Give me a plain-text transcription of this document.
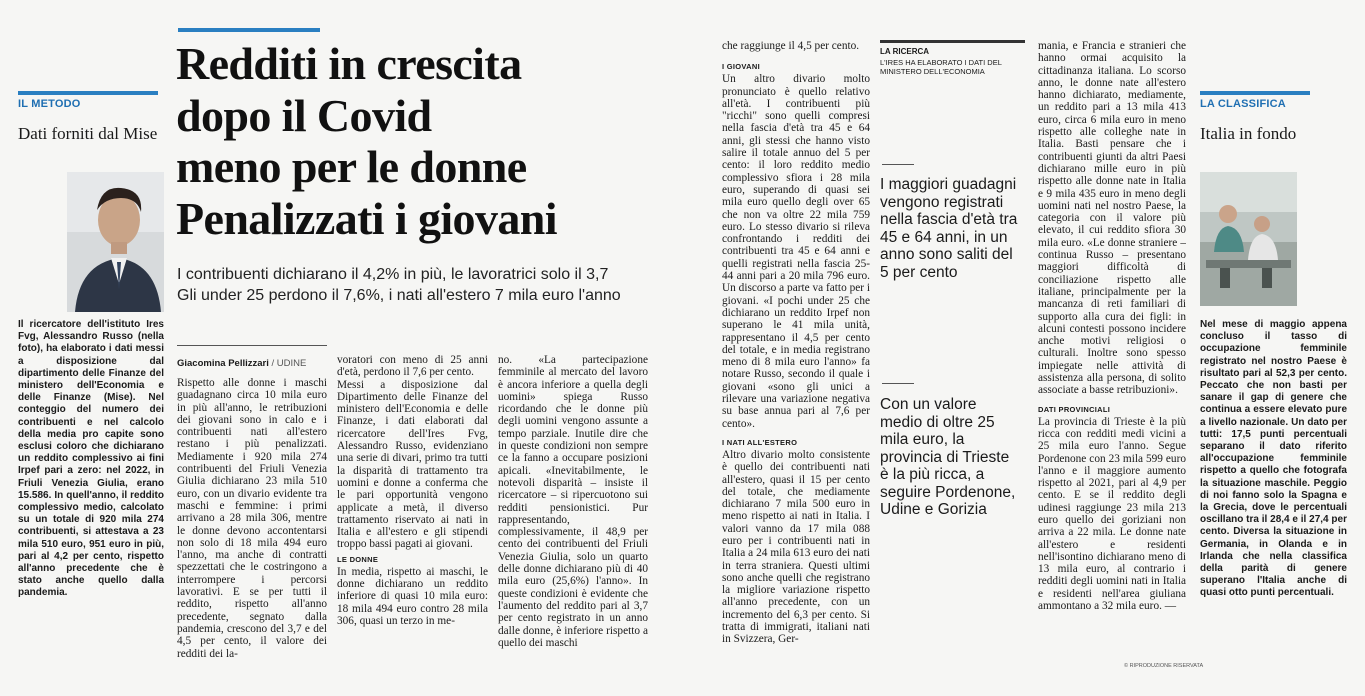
IL METODO
Dati forniti dal Mise
Il ricercatore dell'istituto Ires Fvg, Alessandro Russo (nella foto), ha elaborato i dati messi a disposizione dal dipartimento delle Finanze del ministero dell'Economia e delle Finanze (Mise). Nel conteggio del numero dei contribuenti e nel calcolo della media pro capite sono esclusi coloro che dichiarano un reddito complessivo ai fini Irpef pari a zero: nel 2022, in Friuli Venezia Giulia, erano 15.586. In quell'anno, il reddito complessivo medio, calcolato su un totale di 920 mila 274 contribuenti, si attestava a 23 mila 510 euro, 951 euro in più, pari al 4,2 per cento, rispetto all'anno precedente che è stato anche quello dalla pandemia.
Redditi in crescita
dopo il Covid
meno per le donne
Penalizzati i giovani
I contribuenti dichiarano il 4,2% in più, le lavoratrici solo il 3,7
Gli under 25 perdono il 7,6%, i nati all'estero 7 mila euro l'anno
Giacomina Pellizzari / UDINE
Rispetto alle donne i maschi guadagnano circa 10 mila euro in più all'anno, le retribuzioni dei giovani sono in calo e i contribuenti nati all'estero restano i più penalizzati. Mediamente i 920 mila 274 contribuenti del Friuli Venezia Giulia dichiarano 23 mila 510 euro, con un divario evidente tra maschi e femmine: i primi arrivano a 28 mila 306, mentre le donne devono accontentarsi non solo di 18 mila 494 euro l'anno, ma anche di contratti spezzettati che le costringono a interrompere i percorsi lavorativi. E se per tutti il reddito, rispetto all'anno precedente, segnato dalla pandemia, crescono del 3,7 e del 4,5 per cento, il valore dei redditi dei la-
voratori con meno di 25 anni d'età, perdono il 7,6 per cento.
Messi a disposizione dal Dipartimento delle Finanze del ministero dell'Economia e delle Finanze, i dati elaborati dal ricercatore dell'Ires Fvg, Alessandro Russo, evidenziano una serie di divari, primo tra tutti la disparità di trattamento tra uomini e donne a conferma che le pari opportunità vengono applicate a metà, il diverso trattamento riservato ai nati in Italia e all'estero e gli stipendi troppo bassi pagati ai giovani.
LE DONNE
In media, rispetto ai maschi, le donne dichiarano un reddito inferiore di quasi 10 mila euro: 18 mila 494 euro contro 28 mila 306, quasi un terzo in me-
no. «La partecipazione femminile al mercato del lavoro è ancora inferiore a quella degli uomini» spiega Russo ricordando che le donne più degli uomini vengono assunte a tempo parziale. Inutile dire che in queste condizioni non sempre ce la fanno a occupare posizioni apicali. «Inevitabilmente, le notevoli disparità – insiste il ricercatore – si ripercuotono sui redditi pensionistici. Pur rappresentando, complessivamente, il 48,9 per cento dei contribuenti del Friuli Venezia Giulia, solo un quarto delle donne dichiarano più di 40 mila euro (25,6%) l'anno». In queste condizioni è evidente che l'aumento del reddito pari al 3,7 per cento registrato in un anno dalle donne, è inferiore rispetto a quello dei maschi
che raggiunge il 4,5 per cento.
I GIOVANI
Un altro divario molto pronunciato è quello relativo all'età. I contribuenti più "ricchi" sono quelli compresi nella fascia d'età tra 45 e 64 anni, gli stessi che hanno visto salire il totale annuo del 5 per cento: il loro reddito medio complessivo sfiora i 28 mila euro, superando di quasi sei mila euro quello degli over 65 che non va oltre 22 mila 759 euro. Lo stesso divario si rileva confrontando i redditi dei contribuenti tra 45 e 64 anni e quelli registrati nella fascia 25-44 anni pari a 20 mila 796 euro. Un discorso a parte va fatto per i giovani. «I pochi under 25 che dichiarano un reddito Irpef non superano le 41 mila unità, rappresentano il 4,5 per cento del totale, e in media registrano meno di 8 mila euro l'anno» fa notare Russo, secondo il quale i giovani «sono gli unici a rilevare una variazione negativa su base annua pari al 7,6 per cento».
I NATI ALL'ESTERO
Altro divario molto consistente è quello dei contribuenti nati all'estero, quasi il 15 per cento del totale, che mediamente dichiarano 7 mila 500 euro in meno rispetto ai nati in Italia. I valori vanno da 17 mila 088 euro per i contribuenti nati in Italia a 24 mila 613 euro dei nati in terra straniera. Questi ultimi sono anche quelli che registrano la migliore variazione rispetto all'anno precedente, con un incremento del 6,3 per cento. Si tratta di immigrati, italiani nati in Svizzera, Ger-
LA RICERCA
L'IRES HA ELABORATO I DATI DEL MINISTERO DELL'ECONOMIA
I maggiori guadagni vengono registrati nella fascia d'età tra 45 e 64 anni, in un anno sono saliti del 5 per cento
Con un valore medio di oltre 25 mila euro, la provincia di Trieste è la più ricca, a seguire Pordenone, Udine e Gorizia
mania, e Francia e stranieri che hanno ormai acquisito la cittadinanza italiana. Lo scorso anno, le donne nate all'estero hanno dichiarato, mediamente, un reddito pari a 13 mila 413 euro, circa 6 mila euro in meno rispetto alle colleghe nate in Italia. Basti pensare che i contribuenti giunti da altri Paesi dichiarano mille euro in più rispetto alle donne nate in Italia e 9 mila 435 euro in meno degli uomini nati nel nostro Paese, la categoria con il valore più elevato, il cui reddito sfiora 30 mila euro. «Le donne straniere – continua Russo – presentano maggiori difficoltà di conciliazione rispetto alle italiane, principalmente per la mancanza di reti familiari di supporto alla cura dei figli: in alcuni contesti possono incidere anche motivi religiosi o culturali. Inoltre sono spesso impiegate nelle attività di assistenza alla persona, di solito associate a basse retribuzioni».
DATI PROVINCIALI
La provincia di Trieste è la più ricca con redditi medi vicini a 25 mila euro l'anno. Segue Pordenone con 23 mila 599 euro l'anno e il maggiore aumento rispetto al 2021, pari al 4,9 per cento. E se il reddito degli udinesi raggiunge 23 mila 213 euro quello dei goriziani non arriva a 22 mila. Le donne nate all'estero e residenti nell'isontino dichiarano meno di 13 mila euro, al contrario i redditi degli uomini nati in Italia e residenti nell'area giuliana ammontano a 32 mila euro. —
© RIPRODUZIONE RISERVATA
LA CLASSIFICA
Italia in fondo
Nel mese di maggio appena concluso il tasso di occupazione femminile registrato nel nostro Paese è risultato pari al 52,3 per cento. Peccato che non basti per sanare il gap di genere che continua a essere elevato pure a livello nazionale. Un dato per tutti: 17,5 punti percentuali separano il dato riferito all'occupazione femminile rispetto a quello che fotografa la situazione maschile. Peggio di noi fanno solo la Spagna e la Grecia, dove le percentuali oscillano tra il 28,4 e il 27,4 per cento. Diversa la situazione in Germania, in Olanda e in Irlanda che nella classifica della parità di genere superano l'Italia anche di quasi otto punti percentuali.
